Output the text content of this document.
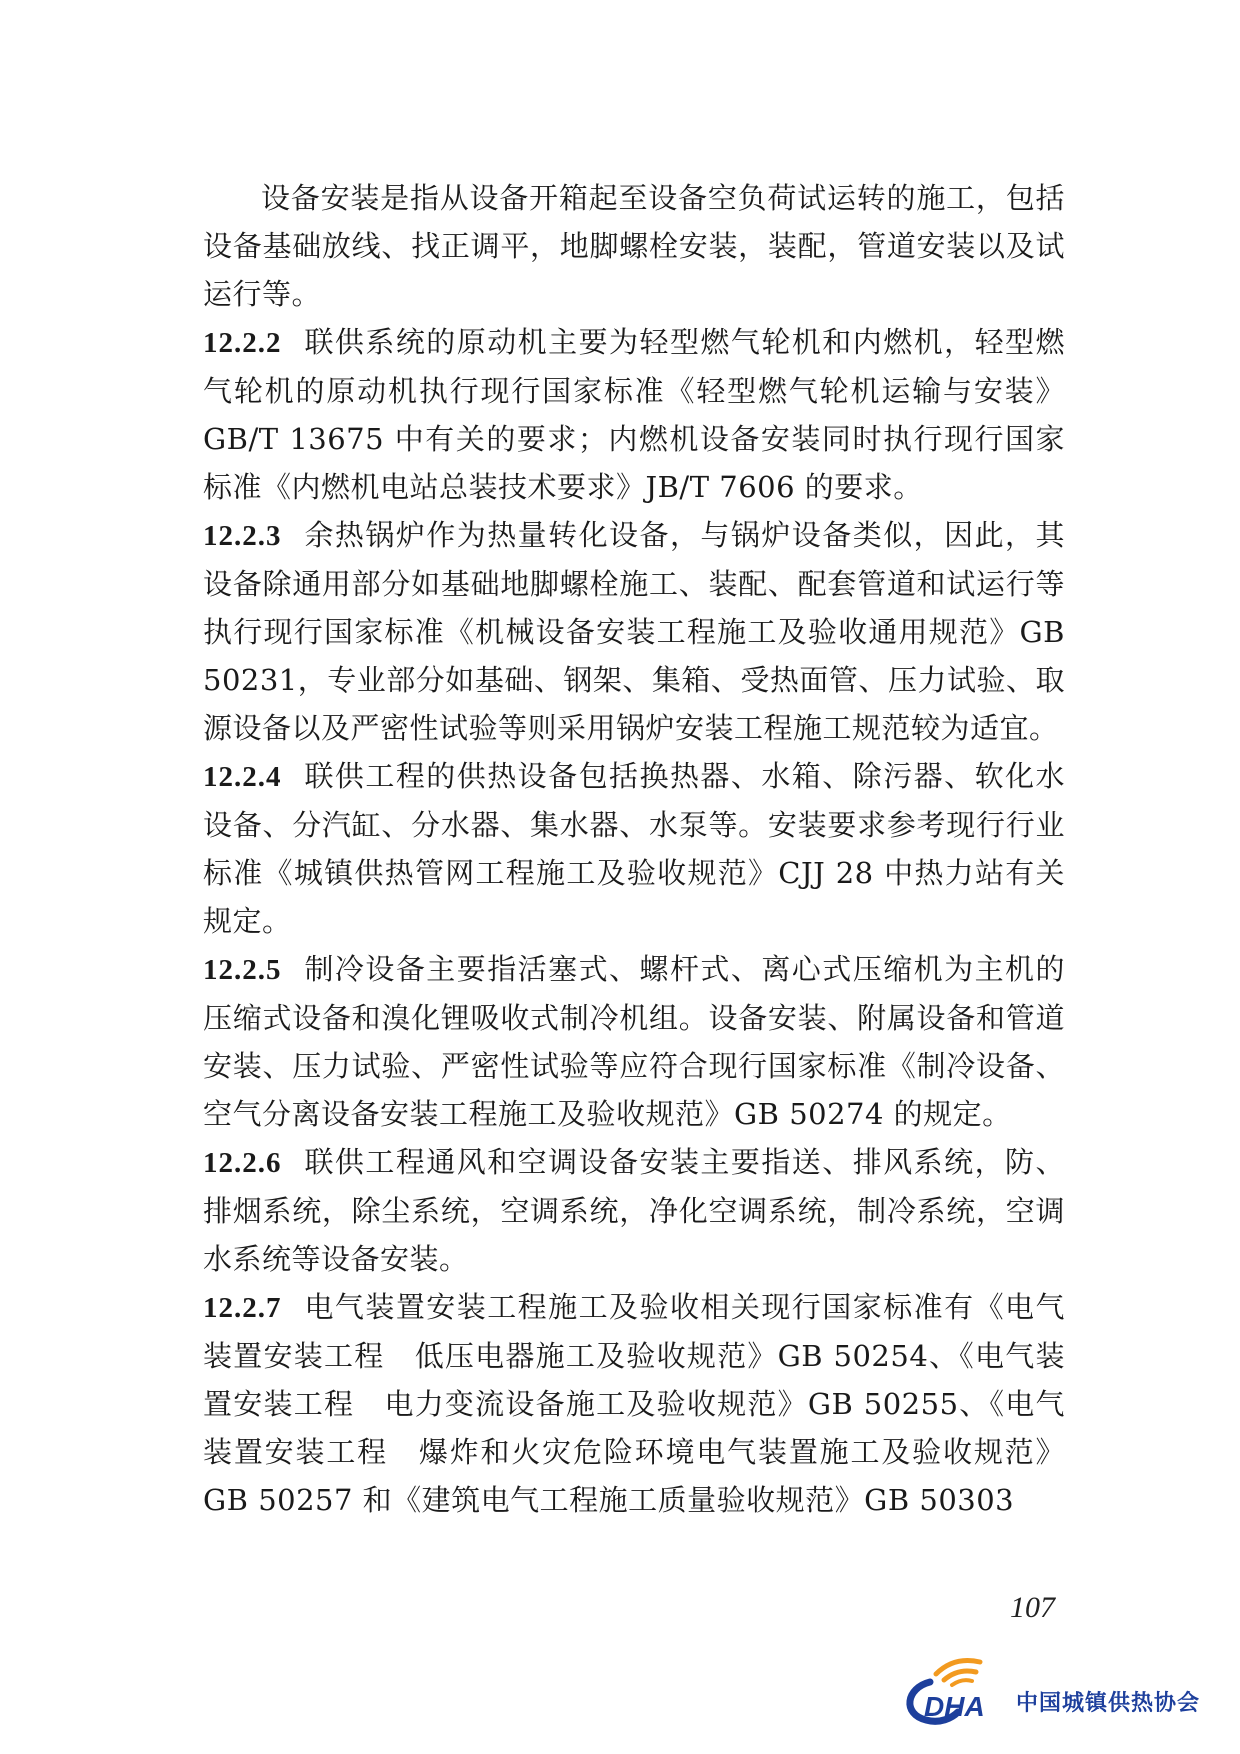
设备安装是指从设备开箱起至设备空负荷试运转的施工，包括设备基础放线、找正调平，地脚螺栓安装，装配，管道安装以及试运行等。

12.2.2 联供系统的原动机主要为轻型燃气轮机和内燃机，轻型燃气轮机的原动机执行现行国家标准《轻型燃气轮机运输与安装》GB/T 13675 中有关的要求；内燃机设备安装同时执行现行国家标准《内燃机电站总装技术要求》JB/T 7606 的要求。

12.2.3 余热锅炉作为热量转化设备，与锅炉设备类似，因此，其设备除通用部分如基础地脚螺栓施工、装配、配套管道和试运行等执行现行国家标准《机械设备安装工程施工及验收通用规范》GB 50231，专业部分如基础、钢架、集箱、受热面管、压力试验、取源设备以及严密性试验等则采用锅炉安装工程施工规范较为适宜。

12.2.4 联供工程的供热设备包括换热器、水箱、除污器、软化水设备、分汽缸、分水器、集水器、水泵等。安装要求参考现行行业标准《城镇供热管网工程施工及验收规范》CJJ 28 中热力站有关规定。

12.2.5 制冷设备主要指活塞式、螺杆式、离心式压缩机为主机的压缩式设备和溴化锂吸收式制冷机组。设备安装、附属设备和管道安装、压力试验、严密性试验等应符合现行国家标准《制冷设备、空气分离设备安装工程施工及验收规范》GB 50274 的规定。

12.2.6 联供工程通风和空调设备安装主要指送、排风系统，防、排烟系统，除尘系统，空调系统，净化空调系统，制冷系统，空调水系统等设备安装。

12.2.7 电气装置安装工程施工及验收相关现行国家标准有《电气装置安装工程　低压电器施工及验收规范》GB 50254、《电气装置安装工程　电力变流设备施工及验收规范》GB 50255、《电气装置安装工程　爆炸和火灾危险环境电气装置施工及验收规范》GB 50257 和《建筑电气工程施工质量验收规范》GB 50303

107
DHA 中国城镇供热协会
